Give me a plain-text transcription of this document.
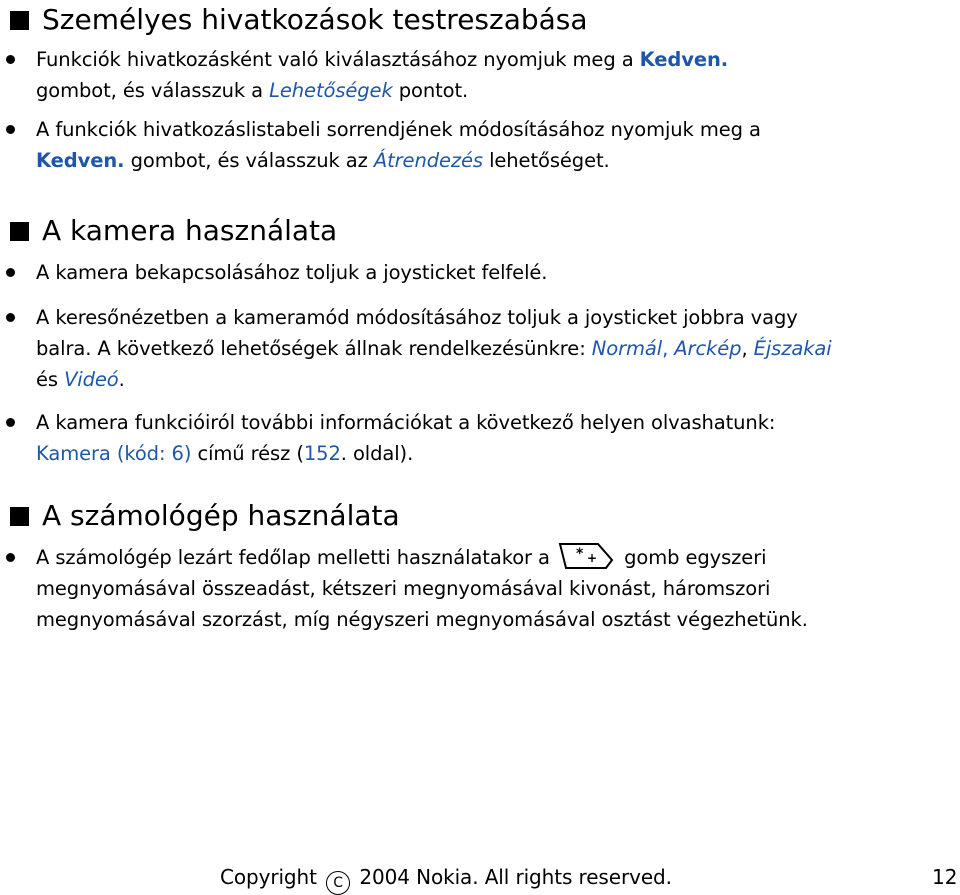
Személyes hivatkozások testreszabása
Funkciók hivatkozásként való kiválasztásához nyomjuk meg a Kedven. gombot, és válasszuk a Lehetőségek pontot.
A funkciók hivatkozáslistabeli sorrendjének módosításához nyomjuk meg a Kedven. gombot, és válasszuk az Átrendezés lehetőséget.
A kamera használata
A kamera bekapcsolásához toljuk a joysticket felfelé.
A keresőnézetben a kameramód módosításához toljuk a joysticket jobbra vagy balra. A következő lehetőségek állnak rendelkezésünkre: Normál, Arckép, Éjszakai és Videó.
A kamera funkcióiról további információkat a következő helyen olvashatunk: Kamera (kód: 6) című rész (152. oldal).
A számológép használata
A számológép lezárt fedőlap melletti használatakor a * + gomb egyszeri megnyomásával összeadást, kétszeri megnyomásával kivonást, háromszori megnyomásával szorzást, míg négyszeri megnyomásával osztást végezhetünk.
Copyright C 2004 Nokia. All rights reserved.	12
